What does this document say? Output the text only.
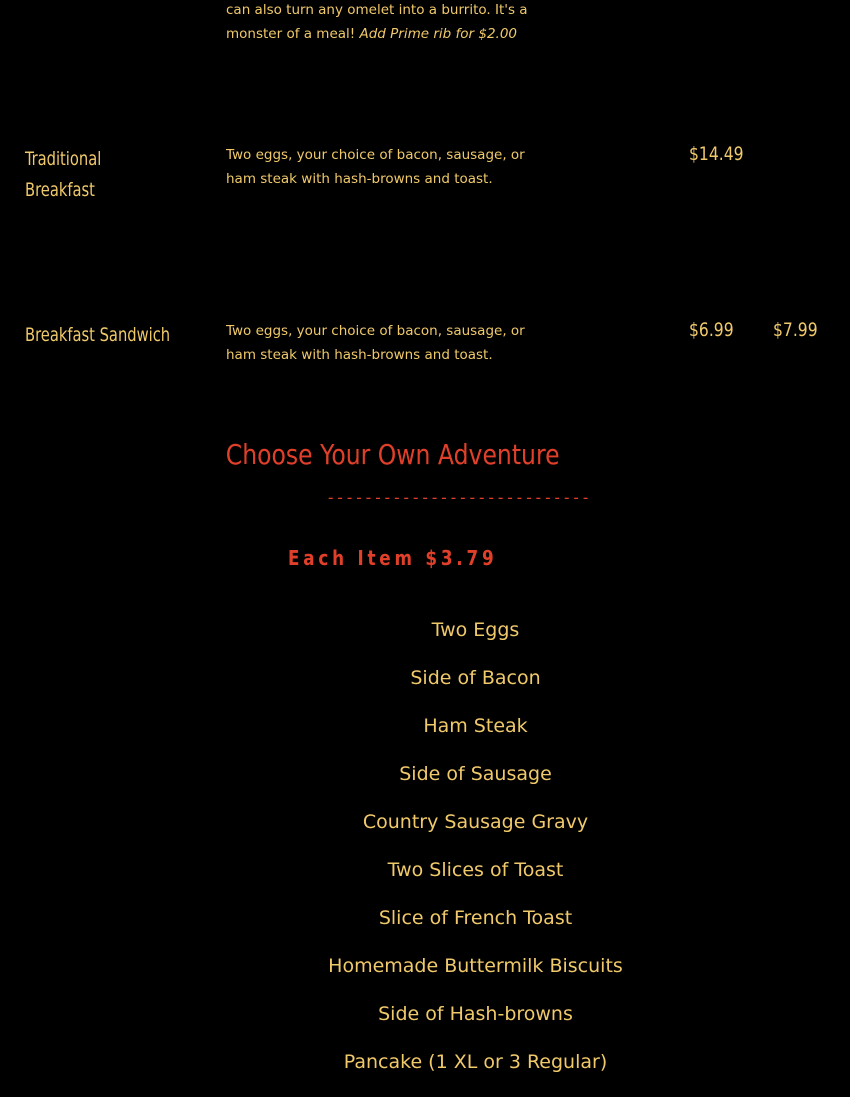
can also turn any omelet into a burrito. It's a
monster of a meal! Add Prime rib for $2.00
Traditional
Breakfast
Two eggs, your choice of bacon, sausage, or
ham steak with hash-browns and toast.
$14.49
Breakfast Sandwich	Two eggs, your choice of bacon, sausage, or
ham steak with hash-browns and toast.
$6.99 $7.99
Choose Your Own Adventure
----------------------------
Each Item $3.79
Two Eggs
Side of Bacon
Ham Steak
Side of Sausage
Country Sausage Gravy
Two Slices of Toast
Slice of French Toast
Homemade Buttermilk Biscuits
Side of Hash-browns
Pancake (1 XL or 3 Regular)
